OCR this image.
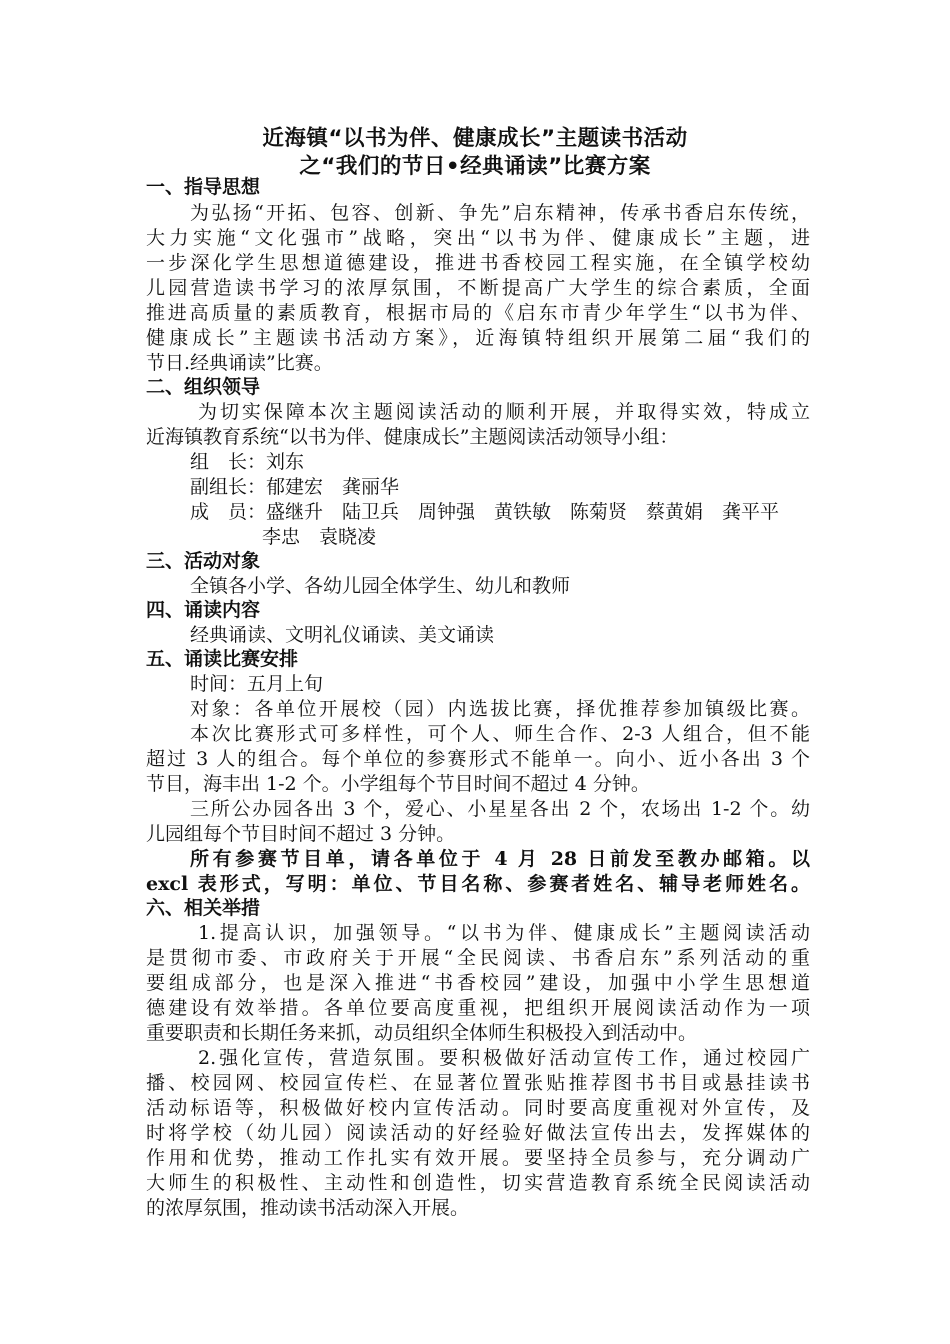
近海镇“以书为伴、健康成长”主题读书活动
之“我们的节日•经典诵读”比赛方案
一、指导思想
为弘扬“开拓、包容、创新、争先”启东精神，传承书香启东传统，
大力实施“文化强市”战略，突出“以书为伴、健康成长”主题，进
一步深化学生思想道德建设，推进书香校园工程实施，在全镇学校幼
儿园营造读书学习的浓厚氛围，不断提高广大学生的综合素质，全面
推进高质量的素质教育，根据市局的《启东市青少年学生“以书为伴、
健康成长”主题读书活动方案》，近海镇特组织开展第二届“我们的
节日.经典诵读”比赛。
二、组织领导
为切实保障本次主题阅读活动的顺利开展，并取得实效，特成立
近海镇教育系统“以书为伴、健康成长”主题阅读活动领导小组：
组　长：刘东
副组长：郁建宏　龚丽华
成　员：盛继升　陆卫兵　周钟强　黄铁敏　陈菊贤　蔡黄娟　龚平平
李忠　袁晓凌
三、活动对象
全镇各小学、各幼儿园全体学生、幼儿和教师
四、诵读内容
经典诵读、文明礼仪诵读、美文诵读
五、诵读比赛安排
时间：五月上旬
对象：各单位开展校（园）内选拔比赛，择优推荐参加镇级比赛。
本次比赛形式可多样性，可个人、师生合作、2-3 人组合，但不能
超过 3 人的组合。每个单位的参赛形式不能单一。向小、近小各出 3 个
节目，海丰出 1-2 个。小学组每个节目时间不超过 4 分钟。
三所公办园各出 3 个，爱心、小星星各出 2 个，农场出 1-2 个。幼
儿园组每个节目时间不超过 3 分钟。
所有参赛节目单，请各单位于 4 月 28 日前发至教办邮箱。以
excl 表形式，写明：单位、节目名称、参赛者姓名、辅导老师姓名。
六、相关举措
1.提高认识，加强领导。“以书为伴、健康成长”主题阅读活动
是贯彻市委、市政府关于开展“全民阅读、书香启东”系列活动的重
要组成部分，也是深入推进“书香校园”建设，加强中小学生思想道
德建设有效举措。各单位要高度重视，把组织开展阅读活动作为一项
重要职责和长期任务来抓，动员组织全体师生积极投入到活动中。
2.强化宣传，营造氛围。要积极做好活动宣传工作，通过校园广
播、校园网、校园宣传栏、在显著位置张贴推荐图书书目或悬挂读书
活动标语等，积极做好校内宣传活动。同时要高度重视对外宣传，及
时将学校（幼儿园）阅读活动的好经验好做法宣传出去，发挥媒体的
作用和优势，推动工作扎实有效开展。要坚持全员参与，充分调动广
大师生的积极性、主动性和创造性，切实营造教育系统全民阅读活动
的浓厚氛围，推动读书活动深入开展。
